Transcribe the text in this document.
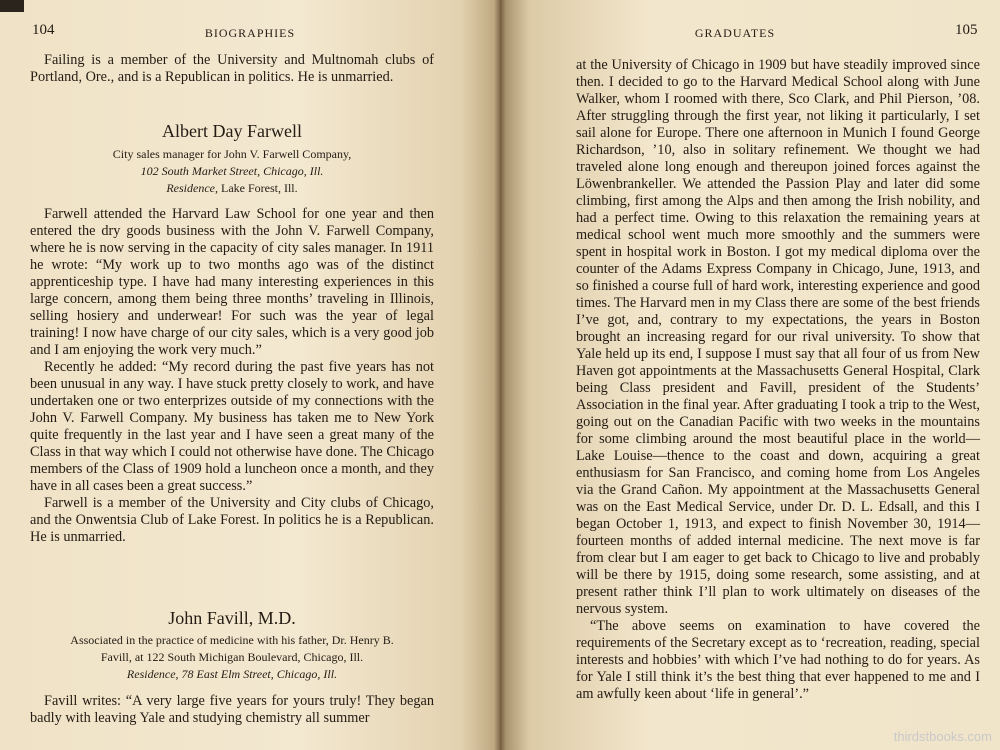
104	BIOGRAPHIES

Failing is a member of the University and Multnomah clubs of Portland, Ore., and is a Republican in politics. He is unmarried.

Albert Day Farwell
City sales manager for John V. Farwell Company,
102 South Market Street, Chicago, Ill.
Residence, Lake Forest, Ill.

Farwell attended the Harvard Law School for one year and then entered the dry goods business with the John V. Farwell Company, where he is now serving in the capacity of city sales manager. In 1911 he wrote: “My work up to two months ago was of the distinct apprenticeship type. I have had many interesting experiences in this large concern, among them being three months’ traveling in Illinois, selling hosiery and underwear! For such was the year of legal training! I now have charge of our city sales, which is a very good job and I am enjoying the work very much.”

Recently he added: “My record during the past five years has not been unusual in any way. I have stuck pretty closely to work, and have undertaken one or two enterprizes outside of my connections with the John V. Farwell Company. My business has taken me to New York quite frequently in the last year and I have seen a great many of the Class in that way which I could not otherwise have done. The Chicago members of the Class of 1909 hold a luncheon once a month, and they have in all cases been a great success.”

Farwell is a member of the University and City clubs of Chicago, and the Onwentsia Club of Lake Forest. In politics he is a Republican. He is unmarried.

John Favill, M.D.
Associated in the practice of medicine with his father, Dr. Henry B.
Favill, at 122 South Michigan Boulevard, Chicago, Ill.
Residence, 78 East Elm Street, Chicago, Ill.

Favill writes: “A very large five years for yours truly! They began badly with leaving Yale and studying chemistry all summer

GRADUATES	105

at the University of Chicago in 1909 but have steadily improved since then. I decided to go to the Harvard Medical School along with June Walker, whom I roomed with there, Sco Clark, and Phil Pierson, ’08. After struggling through the first year, not liking it particularly, I set sail alone for Europe. There one afternoon in Munich I found George Richardson, ’10, also in solitary refinement. We thought we had traveled alone long enough and thereupon joined forces against the Löwenbrankeller. We attended the Passion Play and later did some climbing, first among the Alps and then among the Irish nobility, and had a perfect time. Owing to this relaxation the remaining years at medical school went much more smoothly and the summers were spent in hospital work in Boston. I got my medical diploma over the counter of the Adams Express Company in Chicago, June, 1913, and so finished a course full of hard work, interesting experience and good times. The Harvard men in my Class there are some of the best friends I’ve got, and, contrary to my expectations, the years in Boston brought an increasing regard for our rival university. To show that Yale held up its end, I suppose I must say that all four of us from New Haven got appointments at the Massachusetts General Hospital, Clark being Class president and Favill, president of the Students’ Association in the final year. After graduating I took a trip to the West, going out on the Canadian Pacific with two weeks in the mountains for some climbing around the most beautiful place in the world—Lake Louise—thence to the coast and down, acquiring a great enthusiasm for San Francisco, and coming home from Los Angeles via the Grand Cañon. My appointment at the Massachusetts General was on the East Medical Service, under Dr. D. L. Edsall, and this I began October 1, 1913, and expect to finish November 30, 1914—fourteen months of added internal medicine. The next move is far from clear but I am eager to get back to Chicago to live and probably will be there by 1915, doing some research, some assisting, and at present rather think I’ll plan to work ultimately on diseases of the nervous system.

“The above seems on examination to have covered the requirements of the Secretary except as to ‘recreation, reading, special interests and hobbies’ with which I’ve had nothing to do for years. As for Yale I still think it’s the best thing that ever happened to me and I am awfully keen about ‘life in general’.”

thirdstbooks.com
